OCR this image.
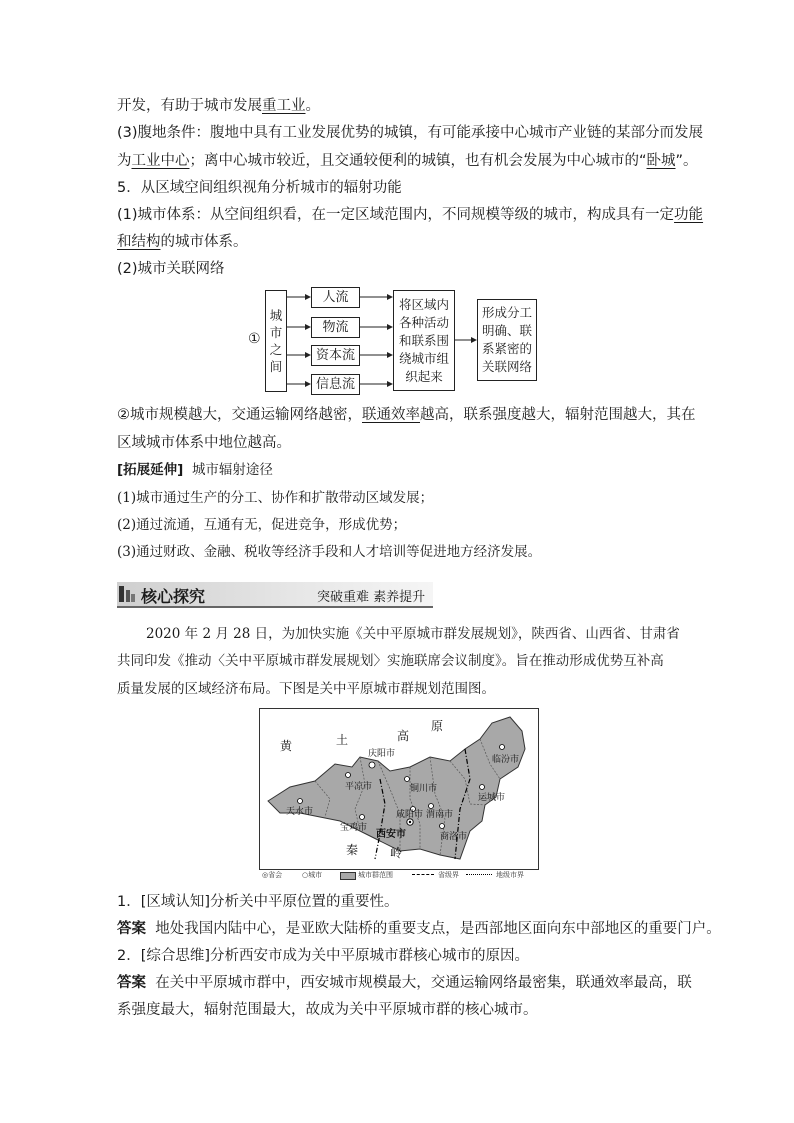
开发，有助于城市发展重工业。
(3)腹地条件：腹地中具有工业发展优势的城镇，有可能承接中心城市产业链的某部分而发展
为工业中心；离中心城市较近，且交通较便利的城镇，也有机会发展为中心城市的“卧城”。
5．从区域空间组织视角分析城市的辐射功能
(1)城市体系：从空间组织看，在一定区域范围内，不同规模等级的城市，构成具有一定功能
和结构的城市体系。
(2)城市关联网络
①
城市之间
人流
物流
资本流
信息流
将区域内各种活动和联系围绕城市组织起来
形成分工明确、联系紧密的关联网络
②城市规模越大，交通运输网络越密，联通效率越高，联系强度越大，辐射范围越大，其在
区域城市体系中地位越高。
[拓展延伸] 城市辐射途径
(1)城市通过生产的分工、协作和扩散带动区域发展；
(2)通过流通，互通有无，促进竞争，形成优势；
(3)通过财政、金融、税收等经济手段和人才培训等促进地方经济发展。
核心探究	突破重难 素养提升
2020 年 2 月 28 日，为加快实施《关中平原城市群发展规划》，陕西省、山西省、甘肃省
共同印发《推动〈关中平原城市群发展规划〉实施联席会议制度》。旨在推动形成优势互补高
质量发展的区域经济布局。下图是关中平原城市群规划范围图。
黄	土	高
原
秦	岭
庆阳市
平凉市	铜川市
临汾市
运城市
天水市
宝鸡市
咸阳市 渭南市
西安市	商洛市
◎省会	○城市	城市群范围	省级界	地级市界
1．[区域认知]分析关中平原位置的重要性。
答案 地处我国内陆中心，是亚欧大陆桥的重要支点，是西部地区面向东中部地区的重要门户。
2．[综合思维]分析西安市成为关中平原城市群核心城市的原因。
答案 在关中平原城市群中，西安城市规模最大，交通运输网络最密集，联通效率最高，联
系强度最大，辐射范围最大，故成为关中平原城市群的核心城市。
